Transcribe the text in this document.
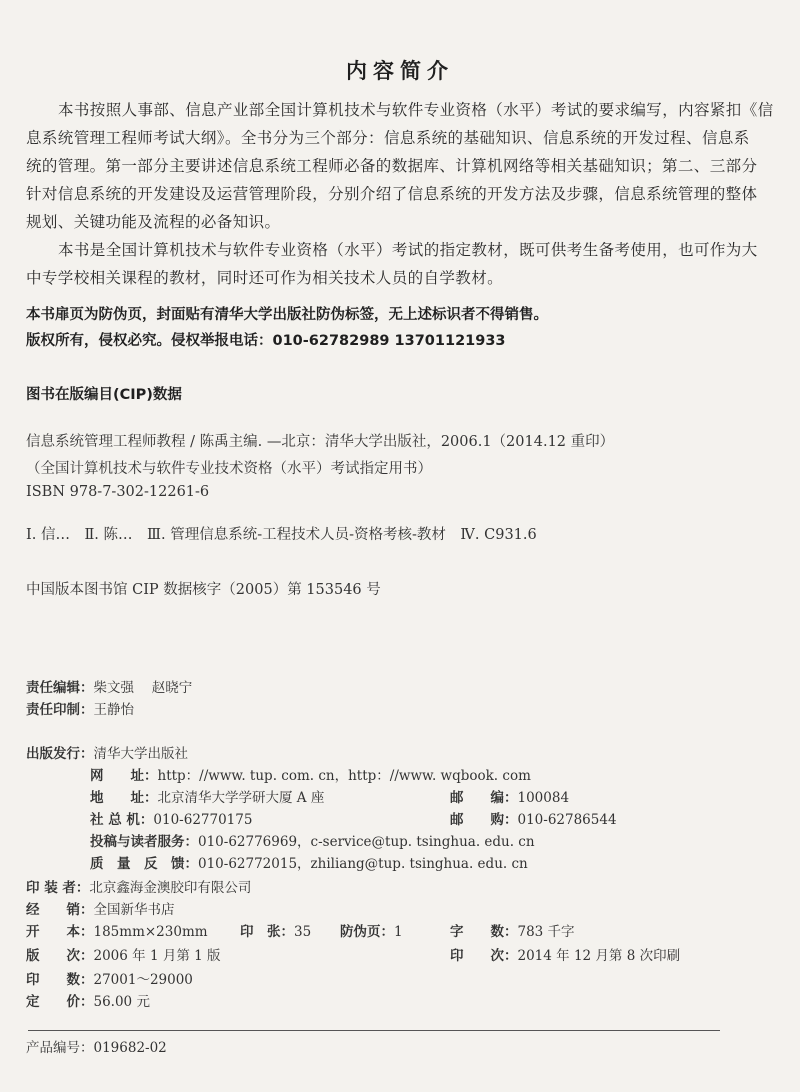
内容简介
本书按照人事部、信息产业部全国计算机技术与软件专业资格（水平）考试的要求编写，内容紧扣《信
息系统管理工程师考试大纲》。全书分为三个部分：信息系统的基础知识、信息系统的开发过程、信息系
统的管理。第一部分主要讲述信息系统工程师必备的数据库、计算机网络等相关基础知识；第二、三部分
针对信息系统的开发建设及运营管理阶段，分别介绍了信息系统的开发方法及步骤，信息系统管理的整体
规划、关键功能及流程的必备知识。
本书是全国计算机技术与软件专业资格（水平）考试的指定教材，既可供考生备考使用，也可作为大
中专学校相关课程的教材，同时还可作为相关技术人员的自学教材。
本书扉页为防伪页，封面贴有清华大学出版社防伪标签，无上述标识者不得销售。
版权所有，侵权必究。侵权举报电话：010-62782989 13701121933
图书在版编目(CIP)数据
信息系统管理工程师教程 / 陈禹主编. —北京：清华大学出版社，2006.1（2014.12 重印）
（全国计算机技术与软件专业技术资格（水平）考试指定用书）
ISBN 978-7-302-12261-6
Ⅰ. 信…　Ⅱ. 陈…　Ⅲ. 管理信息系统-工程技术人员-资格考核-教材　Ⅳ. C931.6
中国版本图书馆 CIP 数据核字（2005）第 153546 号
责任编辑：柴文强　 赵晓宁
责任印制：王静怡
出版发行：清华大学出版社
网　　址：http：//www. tup. com. cn，http：//www. wqbook. com
地　　址：北京清华大学学研大厦 A 座	邮　　编：100084
社 总 机：010-62770175	邮　　购：010-62786544
投稿与读者服务：010-62776969，c-service@tup. tsinghua. edu. cn
质　量　反　馈：010-62772015，zhiliang@tup. tsinghua. edu. cn
印 装 者：北京鑫海金澳胶印有限公司
经　　销：全国新华书店
开　　本：185mm×230mm 印　张：35 防伪页：1	字　　数：783 千字
版　　次：2006 年 1 月第 1 版	印　　次：2014 年 12 月第 8 次印刷
印　　数：27001～29000
定　　价：56.00 元
产品编号：019682-02
